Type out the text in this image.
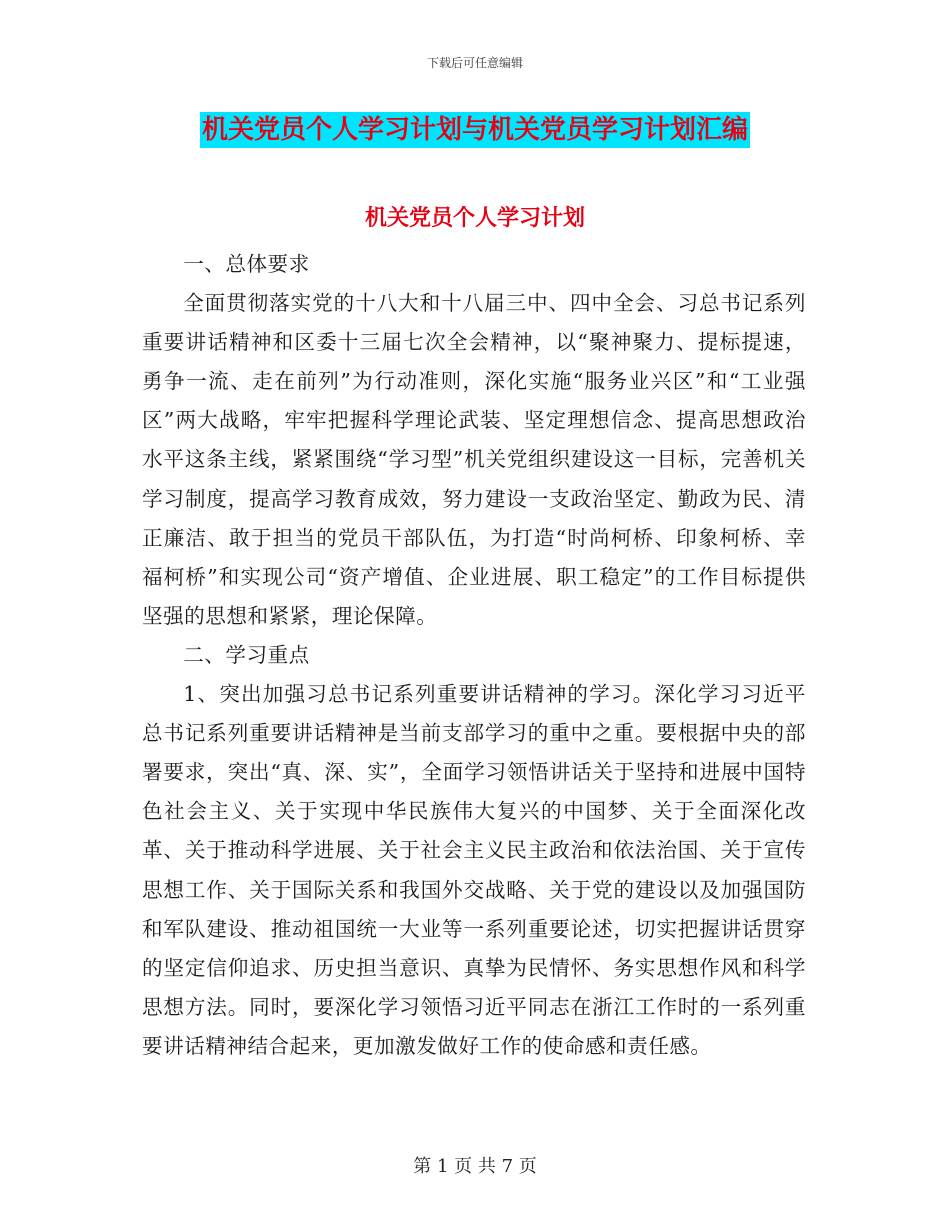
下载后可任意编辑
机关党员个人学习计划与机关党员学习计划汇编
机关党员个人学习计划

一、总体要求

全面贯彻落实党的十八大和十八届三中、四中全会、习总书记系列重要讲话精神和区委十三届七次全会精神，以“聚神聚力、提标提速，勇争一流、走在前列”为行动准则，深化实施“服务业兴区”和“工业强区”两大战略，牢牢把握科学理论武装、坚定理想信念、提高思想政治水平这条主线，紧紧围绕“学习型”机关党组织建设这一目标，完善机关学习制度，提高学习教育成效，努力建设一支政治坚定、勤政为民、清正廉洁、敢于担当的党员干部队伍，为打造“时尚柯桥、印象柯桥、幸福柯桥”和实现公司“资产增值、企业进展、职工稳定”的工作目标提供坚强的思想和紧紧，理论保障。

二、学习重点

1、突出加强习总书记系列重要讲话精神的学习。深化学习习近平总书记系列重要讲话精神是当前支部学习的重中之重。要根据中央的部署要求，突出“真、深、实”，全面学习领悟讲话关于坚持和进展中国特色社会主义、关于实现中华民族伟大复兴的中国梦、关于全面深化改革、关于推动科学进展、关于社会主义民主政治和依法治国、关于宣传思想工作、关于国际关系和我国外交战略、关于党的建设以及加强国防和军队建设、推动祖国统一大业等一系列重要论述，切实把握讲话贯穿的坚定信仰追求、历史担当意识、真挚为民情怀、务实思想作风和科学思想方法。同时，要深化学习领悟习近平同志在浙江工作时的一系列重要讲话精神结合起来，更加激发做好工作的使命感和责任感。

第 1 页 共 7 页
